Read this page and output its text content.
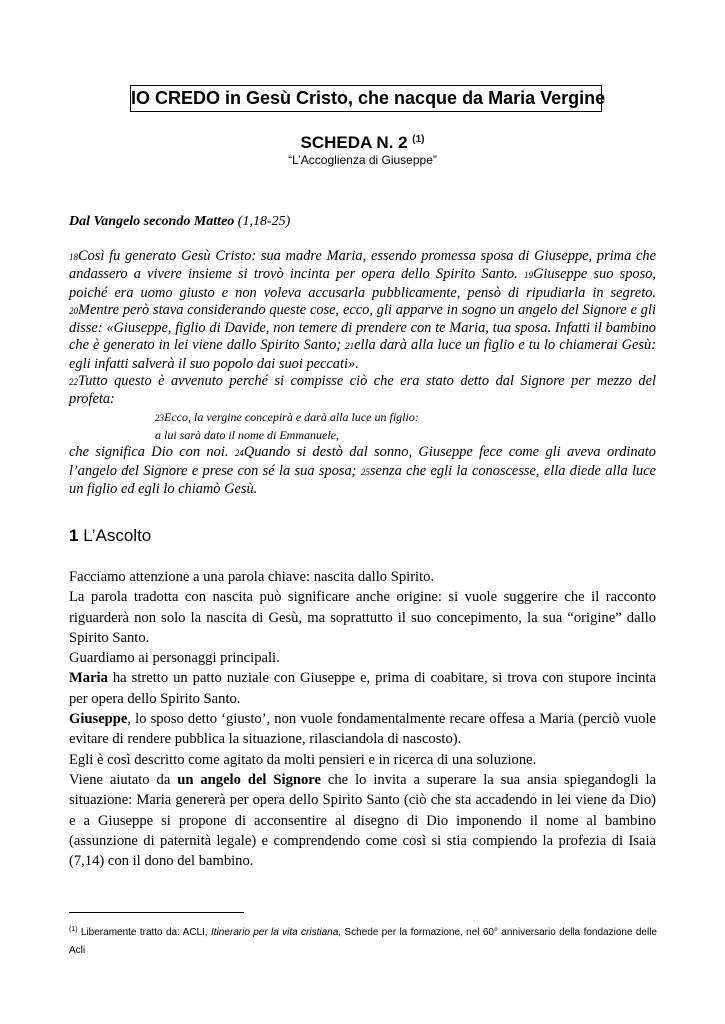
IO CREDO in Gesù Cristo, che nacque da Maria Vergine
SCHEDA N. 2 $^{(1)}$
“L’Accoglienza di Giuseppe”
Dal Vangelo secondo Matteo (1,18-25)

18Così fu generato Gesù Cristo: sua madre Maria, essendo promessa sposa di Giuseppe, prima che andassero a vivere insieme si trovò incinta per opera dello Spirito Santo. 19Giuseppe suo sposo, poiché era uomo giusto e non voleva accusarla pubblicamente, pensò di ripudiarla in segreto. 20Mentre però stava considerando queste cose, ecco, gli apparve in sogno un angelo del Signore e gli disse: «Giuseppe, figlio di Davide, non temere di prendere con te Maria, tua sposa. Infatti il bambino che è generato in lei viene dallo Spirito Santo; 21ella darà alla luce un figlio e tu lo chiamerai Gesù: egli infatti salverà il suo popolo dai suoi peccati».

22Tutto questo è avvenuto perché si compisse ciò che era stato detto dal Signore per mezzo del profeta:

23Ecco, la vergine concepirà e darà alla luce un figlio:
a lui sarà dato il nome di Emmanuele,

che significa Dio con noi. 24Quando si destò dal sonno, Giuseppe fece come gli aveva ordinato l’angelo del Signore e prese con sé la sua sposa; 25senza che egli la conoscesse, ella diede alla luce un figlio ed egli lo chiamò Gesù.

1 L’Ascolto

Facciamo attenzione a una parola chiave: nascita dallo Spirito.

La parola tradotta con nascita può significare anche origine: si vuole suggerire che il racconto riguarderà non solo la nascita di Gesù, ma soprattutto il suo concepimento, la sua “origine” dallo Spirito Santo.

Guardiamo ai personaggi principali.

Maria ha stretto un patto nuziale con Giuseppe e, prima di coabitare, si trova con stupore incinta per opera dello Spirito Santo.

Giuseppe, lo sposo detto ‘giusto’, non vuole fondamentalmente recare offesa a Maria (perciò vuole evitare di rendere pubblica la situazione, rilasciandola di nascosto).

Egli è così descritto come agitato da molti pensieri e in ricerca di una soluzione.

Viene aiutato da un angelo del Signore che lo invita a superare la sua ansia spiegandogli la situazione: Maria genererà per opera dello Spirito Santo (ciò che sta accadendo in lei viene da Dio) e a Giuseppe si propone di acconsentire al disegno di Dio imponendo il nome al bambino (assunzione di paternità legale) e comprendendo come così si stia compiendo la profezia di Isaia (7,14) con il dono del bambino.

$^{(1)}$ Liberamente tratto da: ACLI, Itinerario per la vita cristiana, Schede per la formazione, nel 60° anniversario della fondazione delle Acli
